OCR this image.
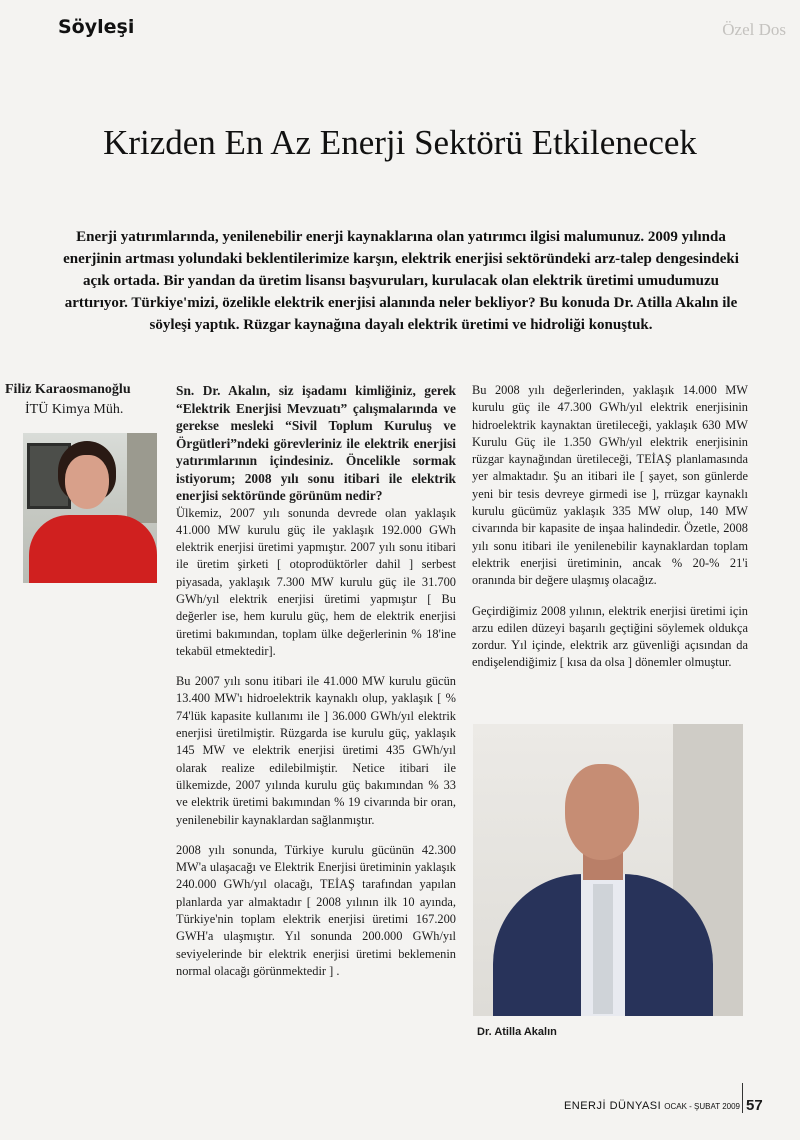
Söyleşi	Özel Dos
Krizden En Az Enerji Sektörü Etkilenecek
Enerji yatırımlarında, yenilenebilir enerji kaynaklarına olan yatırımcı ilgisi malumunuz. 2009 yılında enerjinin artması yolundaki beklentilerimize karşın, elektrik enerjisi sektöründeki arz-talep dengesindeki açık ortada. Bir yandan da üretim lisansı başvuruları, kurulacak olan elektrik üretimi umudumuzu arttırıyor. Türkiye'mizi, özelikle elektrik enerjisi alanında neler bekliyor? Bu konuda Dr. Atilla Akalın ile söyleşi yaptık. Rüzgar kaynağına dayalı elektrik üretimi ve hidroliği konuştuk.
Filiz Karaosmanoğlu
İTÜ Kimya Müh.

Sn. Dr. Akalın, siz işadamı kimliğiniz, gerek “Elektrik Enerjisi Mevzuatı” çalışmalarında ve gerekse mesleki “Sivil Toplum Kuruluş ve Örgütleri”ndeki görevleriniz ile elektrik enerjisi yatırımlarının içindesiniz. Öncelikle sormak istiyorum; 2008 yılı sonu itibari ile elektrik enerjisi sektöründe görünüm nedir?

Ülkemiz, 2007 yılı sonunda devrede olan yaklaşık 41.000 MW kurulu güç ile yaklaşık 192.000 GWh elektrik enerjisi üretimi yapmıştır. 2007 yılı sonu itibari ile üretim şirketi [ otoprodüktörler dahil ] serbest piyasada, yaklaşık 7.300 MW kurulu güç ile 31.700 GWh/yıl elektrik enerjisi üretimi yapmıştır [ Bu değerler ise, hem kurulu güç, hem de elektrik enerjisi üretimi bakımından, toplam ülke değerlerinin % 18'ine tekabül etmektedir].

Bu 2007 yılı sonu itibari ile 41.000 MW kurulu gücün 13.400 MW'ı hidroelektrik kaynaklı olup, yaklaşık [ % 74'lük kapasite kullanımı ile ] 36.000 GWh/yıl elektrik enerjisi üretilmiştir. Rüzgarda ise kurulu güç, yaklaşık 145 MW ve elektrik enerjisi üretimi 435 GWh/yıl olarak realize edilebilmiştir. Netice itibari ile ülkemizde, 2007 yılında kurulu güç bakımından % 33 ve elektrik üretimi bakımından % 19 civarında bir oran, yenilenebilir kaynaklardan sağlanmıştır.

2008 yılı sonunda, Türkiye kurulu gücünün 42.300 MW'a ulaşacağı ve Elektrik Enerjisi üretiminin yaklaşık 240.000 GWh/yıl olacağı, TEİAŞ tarafından yapılan planlarda yar almaktadır [ 2008 yılının ilk 10 ayında, Türkiye'nin toplam elektrik enerjisi üretimi 167.200 GWH'a ulaşmıştır. Yıl sonunda 200.000 GWh/yıl seviyelerinde bir elektrik enerjisi üretimi beklemenin normal olacağı görünmektedir ] .

Bu 2008 yılı değerlerinden, yaklaşık 14.000 MW kurulu güç ile 47.300 GWh/yıl elektrik enerjisinin hidroelektrik kaynaktan üretileceği, yaklaşık 630 MW Kurulu Güç ile 1.350 GWh/yıl elektrik enerjisinin rüzgar kaynağından üretileceği, TEİAŞ planlamasında yer almaktadır. Şu an itibari ile [ şayet, son günlerde yeni bir tesis devreye girmedi ise ], rrüzgar kaynaklı kurulu gücümüz yaklaşık 335 MW olup, 140 MW civarında bir kapasite de inşaa halindedir. Özetle, 2008 yılı sonu itibari ile yenilenebilir kaynaklardan toplam elektrik enerjisi üretiminin, ancak % 20-% 21'i oranında bir değere ulaşmış olacağız.

Geçirdiğimiz 2008 yılının, elektrik enerjisi üretimi için arzu edilen düzeyi başarılı geçtiğini söylemek oldukça zordur. Yıl içinde, elektrik arz güvenliği açısından da endişelendiğimiz [ kısa da olsa ] dönemler olmuştur.

Dr. Atilla Akalın
ENERJİ DÜNYASI OCAK - ŞUBAT 2009 57
